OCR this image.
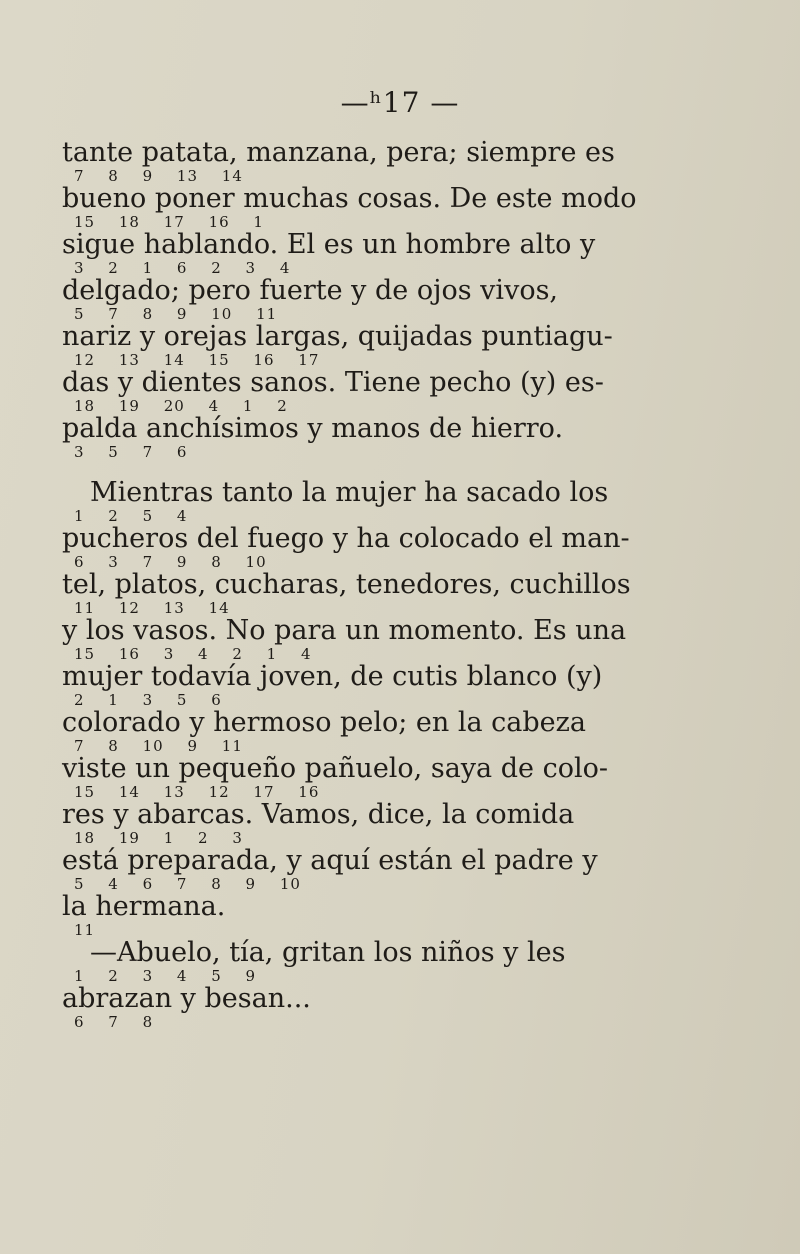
—ʰ17 —
tante patata, manzana, pera; siempre es
7 8 9 13 14
bueno poner muchas cosas. De este modo
15 18 17 16 1
sigue hablando. El es un hombre alto y
3 2 1 6 2 3 4
delgado; pero fuerte y de ojos vivos,
5 7 8 9 10 11
nariz y orejas largas, quijadas puntiagu-
12 13 14 15 16 17
das y dientes sanos. Tiene pecho (y) es-
18 19 20 4 1 2
palda anchísimos y manos de hierro.
3 5 7 6
Mientras tanto la mujer ha sacado los
1 2 5 4
pucheros del fuego y ha colocado el man-
6 3 7 9 8 10
tel, platos, cucharas, tenedores, cuchillos
11 12 13 14
y los vasos. No para un momento. Es una
15 16 3 4 2 1 4
mujer todavía joven, de cutis blanco (y)
2 1 3 5 6
colorado y hermoso pelo; en la cabeza
7 8 10 9 11
viste un pequeño pañuelo, saya de colo-
15 14 13 12 17 16
res y abarcas. Vamos, dice, la comida
18 19 1 2 3
está preparada, y aquí están el padre y
5 4 6 7 8 9 10
la hermana.
11
—Abuelo, tía, gritan los niños y les
1 2 3 4 5 9
abrazan y besan...
6 7 8
